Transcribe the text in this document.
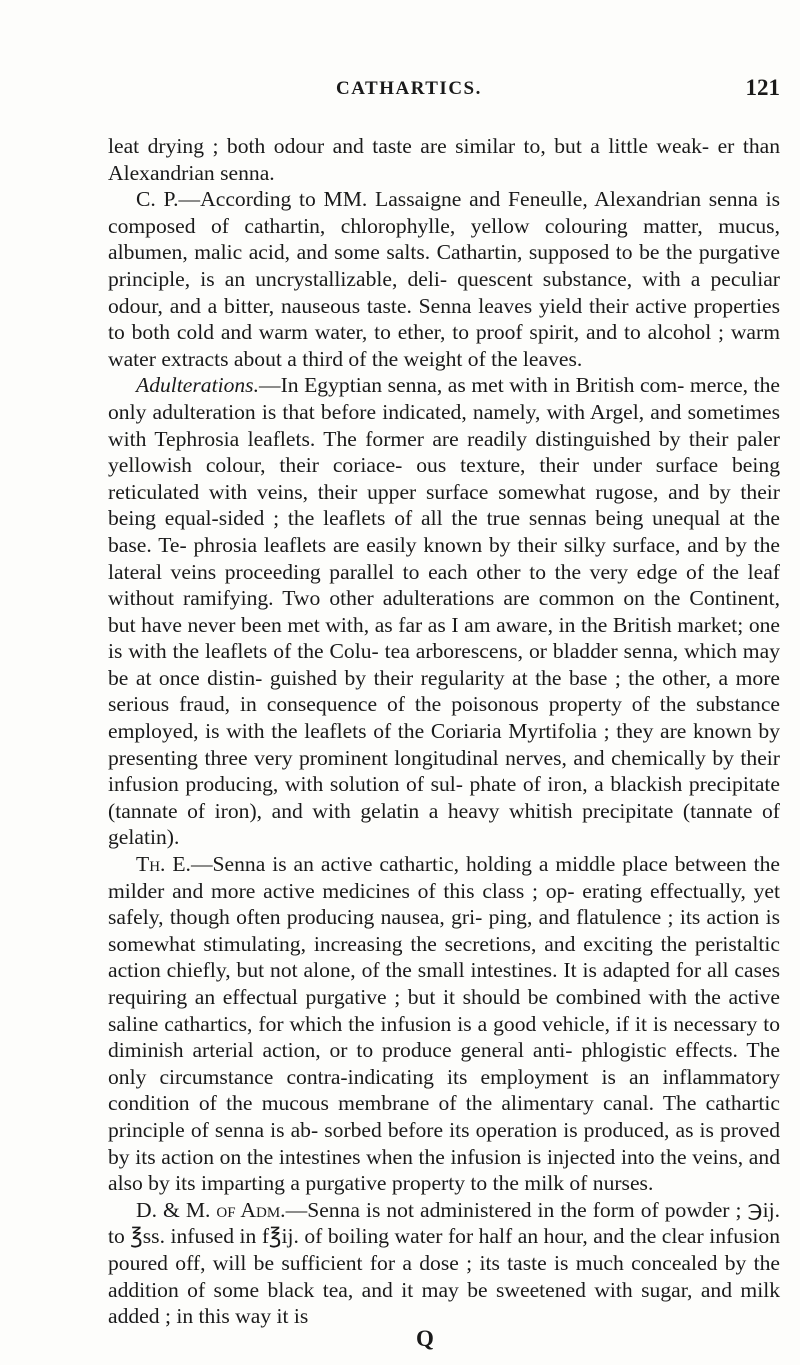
CATHARTICS.	121

leat drying ; both odour and taste are similar to, but a little weak- er than Alexandrian senna.

C. P.—According to MM. Lassaigne and Feneulle, Alexandrian senna is composed of cathartin, chlorophylle, yellow colouring matter, mucus, albumen, malic acid, and some salts. Cathartin, supposed to be the purgative principle, is an uncrystallizable, deli- quescent substance, with a peculiar odour, and a bitter, nauseous taste. Senna leaves yield their active properties to both cold and warm water, to ether, to proof spirit, and to alcohol ; warm water extracts about a third of the weight of the leaves.

Adulterations.—In Egyptian senna, as met with in British com- merce, the only adulteration is that before indicated, namely, with Argel, and sometimes with Tephrosia leaflets. The former are readily distinguished by their paler yellowish colour, their coriace- ous texture, their under surface being reticulated with veins, their upper surface somewhat rugose, and by their being equal-sided ; the leaflets of all the true sennas being unequal at the base. Te- phrosia leaflets are easily known by their silky surface, and by the lateral veins proceeding parallel to each other to the very edge of the leaf without ramifying. Two other adulterations are common on the Continent, but have never been met with, as far as I am aware, in the British market; one is with the leaflets of the Colu- tea arborescens, or bladder senna, which may be at once distin- guished by their regularity at the base ; the other, a more serious fraud, in consequence of the poisonous property of the substance employed, is with the leaflets of the Coriaria Myrtifolia ; they are known by presenting three very prominent longitudinal nerves, and chemically by their infusion producing, with solution of sul- phate of iron, a blackish precipitate (tannate of iron), and with gelatin a heavy whitish precipitate (tannate of gelatin).

Th. E.—Senna is an active cathartic, holding a middle place between the milder and more active medicines of this class ; op- erating effectually, yet safely, though often producing nausea, gri- ping, and flatulence ; its action is somewhat stimulating, increasing the secretions, and exciting the peristaltic action chiefly, but not alone, of the small intestines. It is adapted for all cases requiring an effectual purgative ; but it should be combined with the active saline cathartics, for which the infusion is a good vehicle, if it is necessary to diminish arterial action, or to produce general anti- phlogistic effects. The only circumstance contra-indicating its employment is an inflammatory condition of the mucous membrane of the alimentary canal. The cathartic principle of senna is ab- sorbed before its operation is produced, as is proved by its action on the intestines when the infusion is injected into the veins, and also by its imparting a purgative property to the milk of nurses.

D. & M. of Adm.—Senna is not administered in the form of powder ; ℈ij. to ℥ss. infused in f℥ij. of boiling water for half an hour, and the clear infusion poured off, will be sufficient for a dose ; its taste is much concealed by the addition of some black tea, and it may be sweetened with sugar, and milk added ; in this way it is

Q
